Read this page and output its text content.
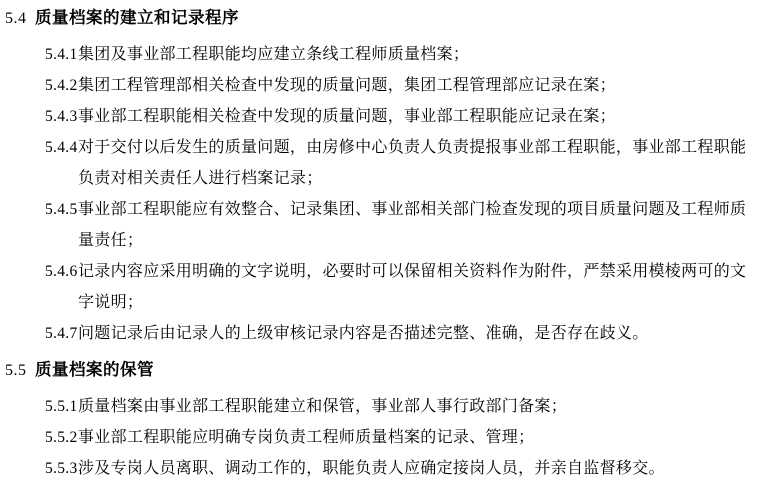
5.4 质量档案的建立和记录程序
5.4.1 集团及事业部工程职能均应建立条线工程师质量档案；
5.4.2 集团工程管理部相关检查中发现的质量问题，集团工程管理部应记录在案；
5.4.3 事业部工程职能相关检查中发现的质量问题，事业部工程职能应记录在案；
5.4.4 对于交付以后发生的质量问题，由房修中心负责人负责提报事业部工程职能，事业部工程职能负责对相关责任人进行档案记录；
5.4.5 事业部工程职能应有效整合、记录集团、事业部相关部门检查发现的项目质量问题及工程师质量责任；
5.4.6 记录内容应采用明确的文字说明，必要时可以保留相关资料作为附件，严禁采用模棱两可的文字说明；
5.4.7 问题记录后由记录人的上级审核记录内容是否描述完整、准确，是否存在歧义。
5.5 质量档案的保管
5.5.1 质量档案由事业部工程职能建立和保管，事业部人事行政部门备案；
5.5.2 事业部工程职能应明确专岗负责工程师质量档案的记录、管理；
5.5.3 涉及专岗人员离职、调动工作的，职能负责人应确定接岗人员，并亲自监督移交。
